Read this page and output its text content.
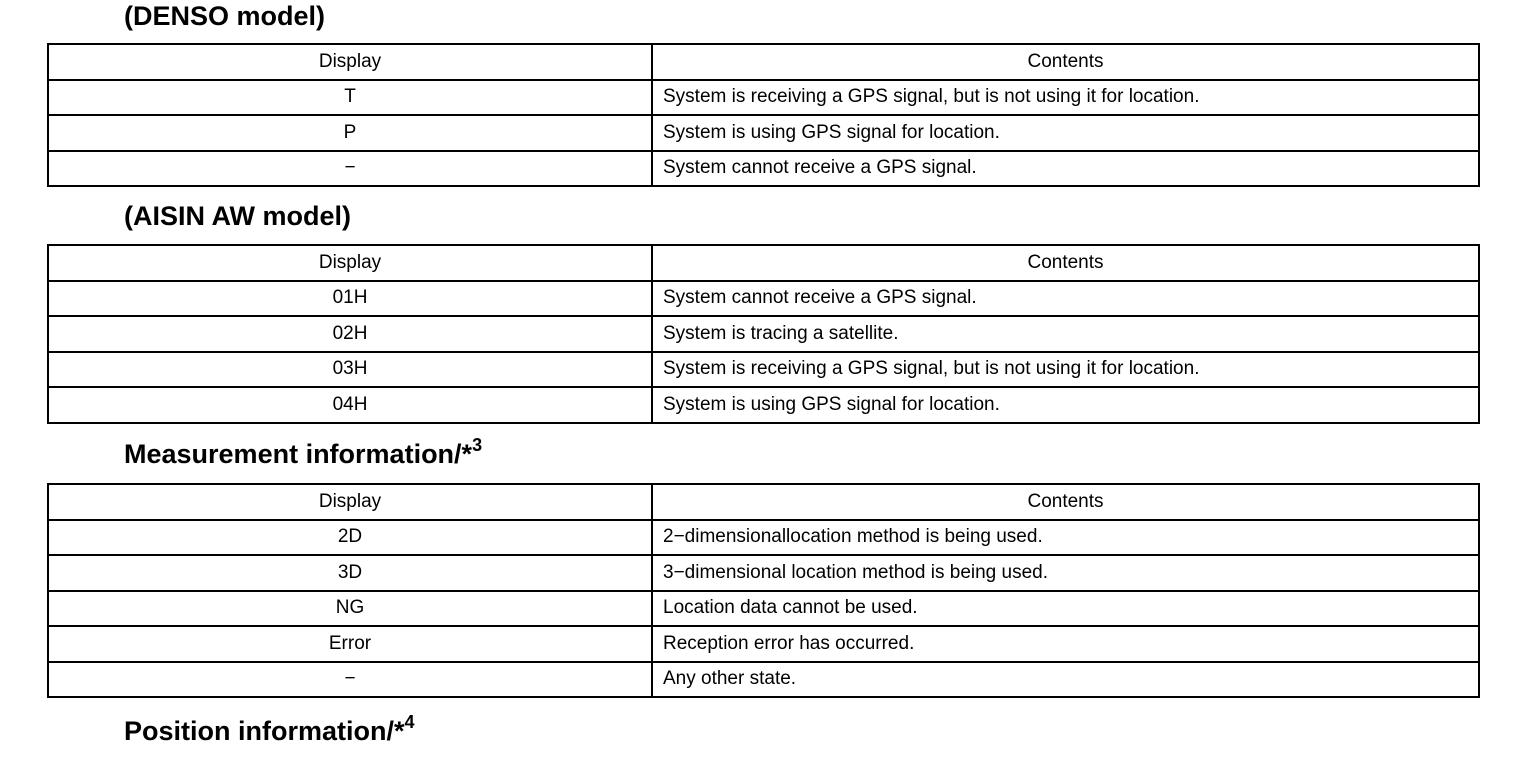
(DENSO model)
Display	Contents
T	System is receiving a GPS signal, but is not using it for location.
P	System is using GPS signal for location.
−	System cannot receive a GPS signal.
(AISIN AW model)
Display	Contents
01H	System cannot receive a GPS signal.
02H	System is tracing a satellite.
03H	System is receiving a GPS signal, but is not using it for location.
04H	System is using GPS signal for location.
Measurement information/*$^3$
Display	Contents
2D	2−dimensionallocation method is being used.
3D	3−dimensional location method is being used.
NG	Location data cannot be used.
Error	Reception error has occurred.
−	Any other state.
Position information/*$^4$
